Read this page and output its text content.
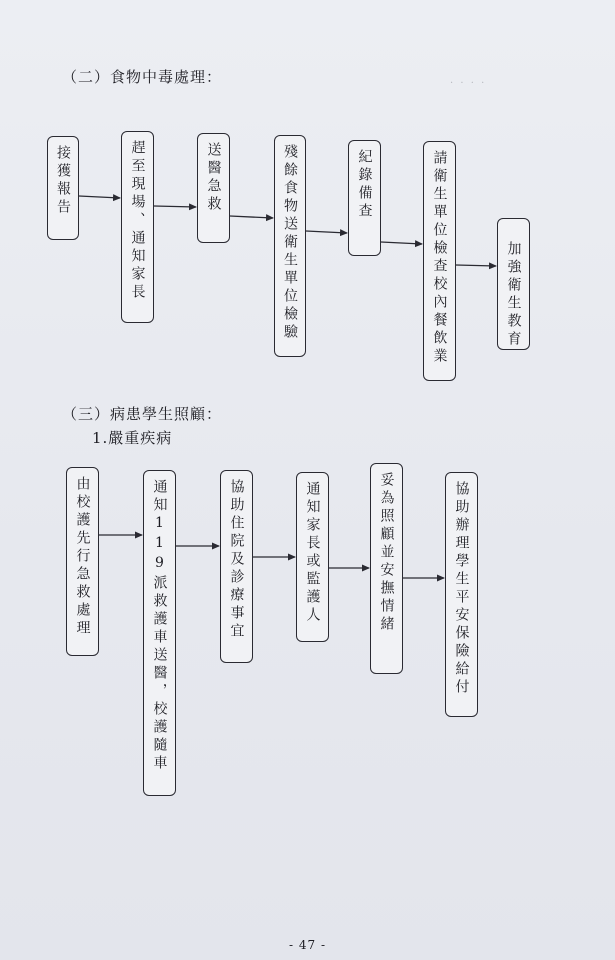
· · · ·
（二）食物中毒處理：
接獲報告	趕至現場、通知家長	送醫急救	殘餘食物送衛生單位檢驗	紀錄備查	請衛生單位檢查校內餐飲業	加強衛生教育
（三）病患學生照顧：
1.嚴重疾病
由校護先行急救處理	通知119派救護車送醫，校護隨車	協助住院及診療事宜	通知家長或監護人	妥為照顧並安撫情緒	協助辦理學生平安保險給付
- 47 -
